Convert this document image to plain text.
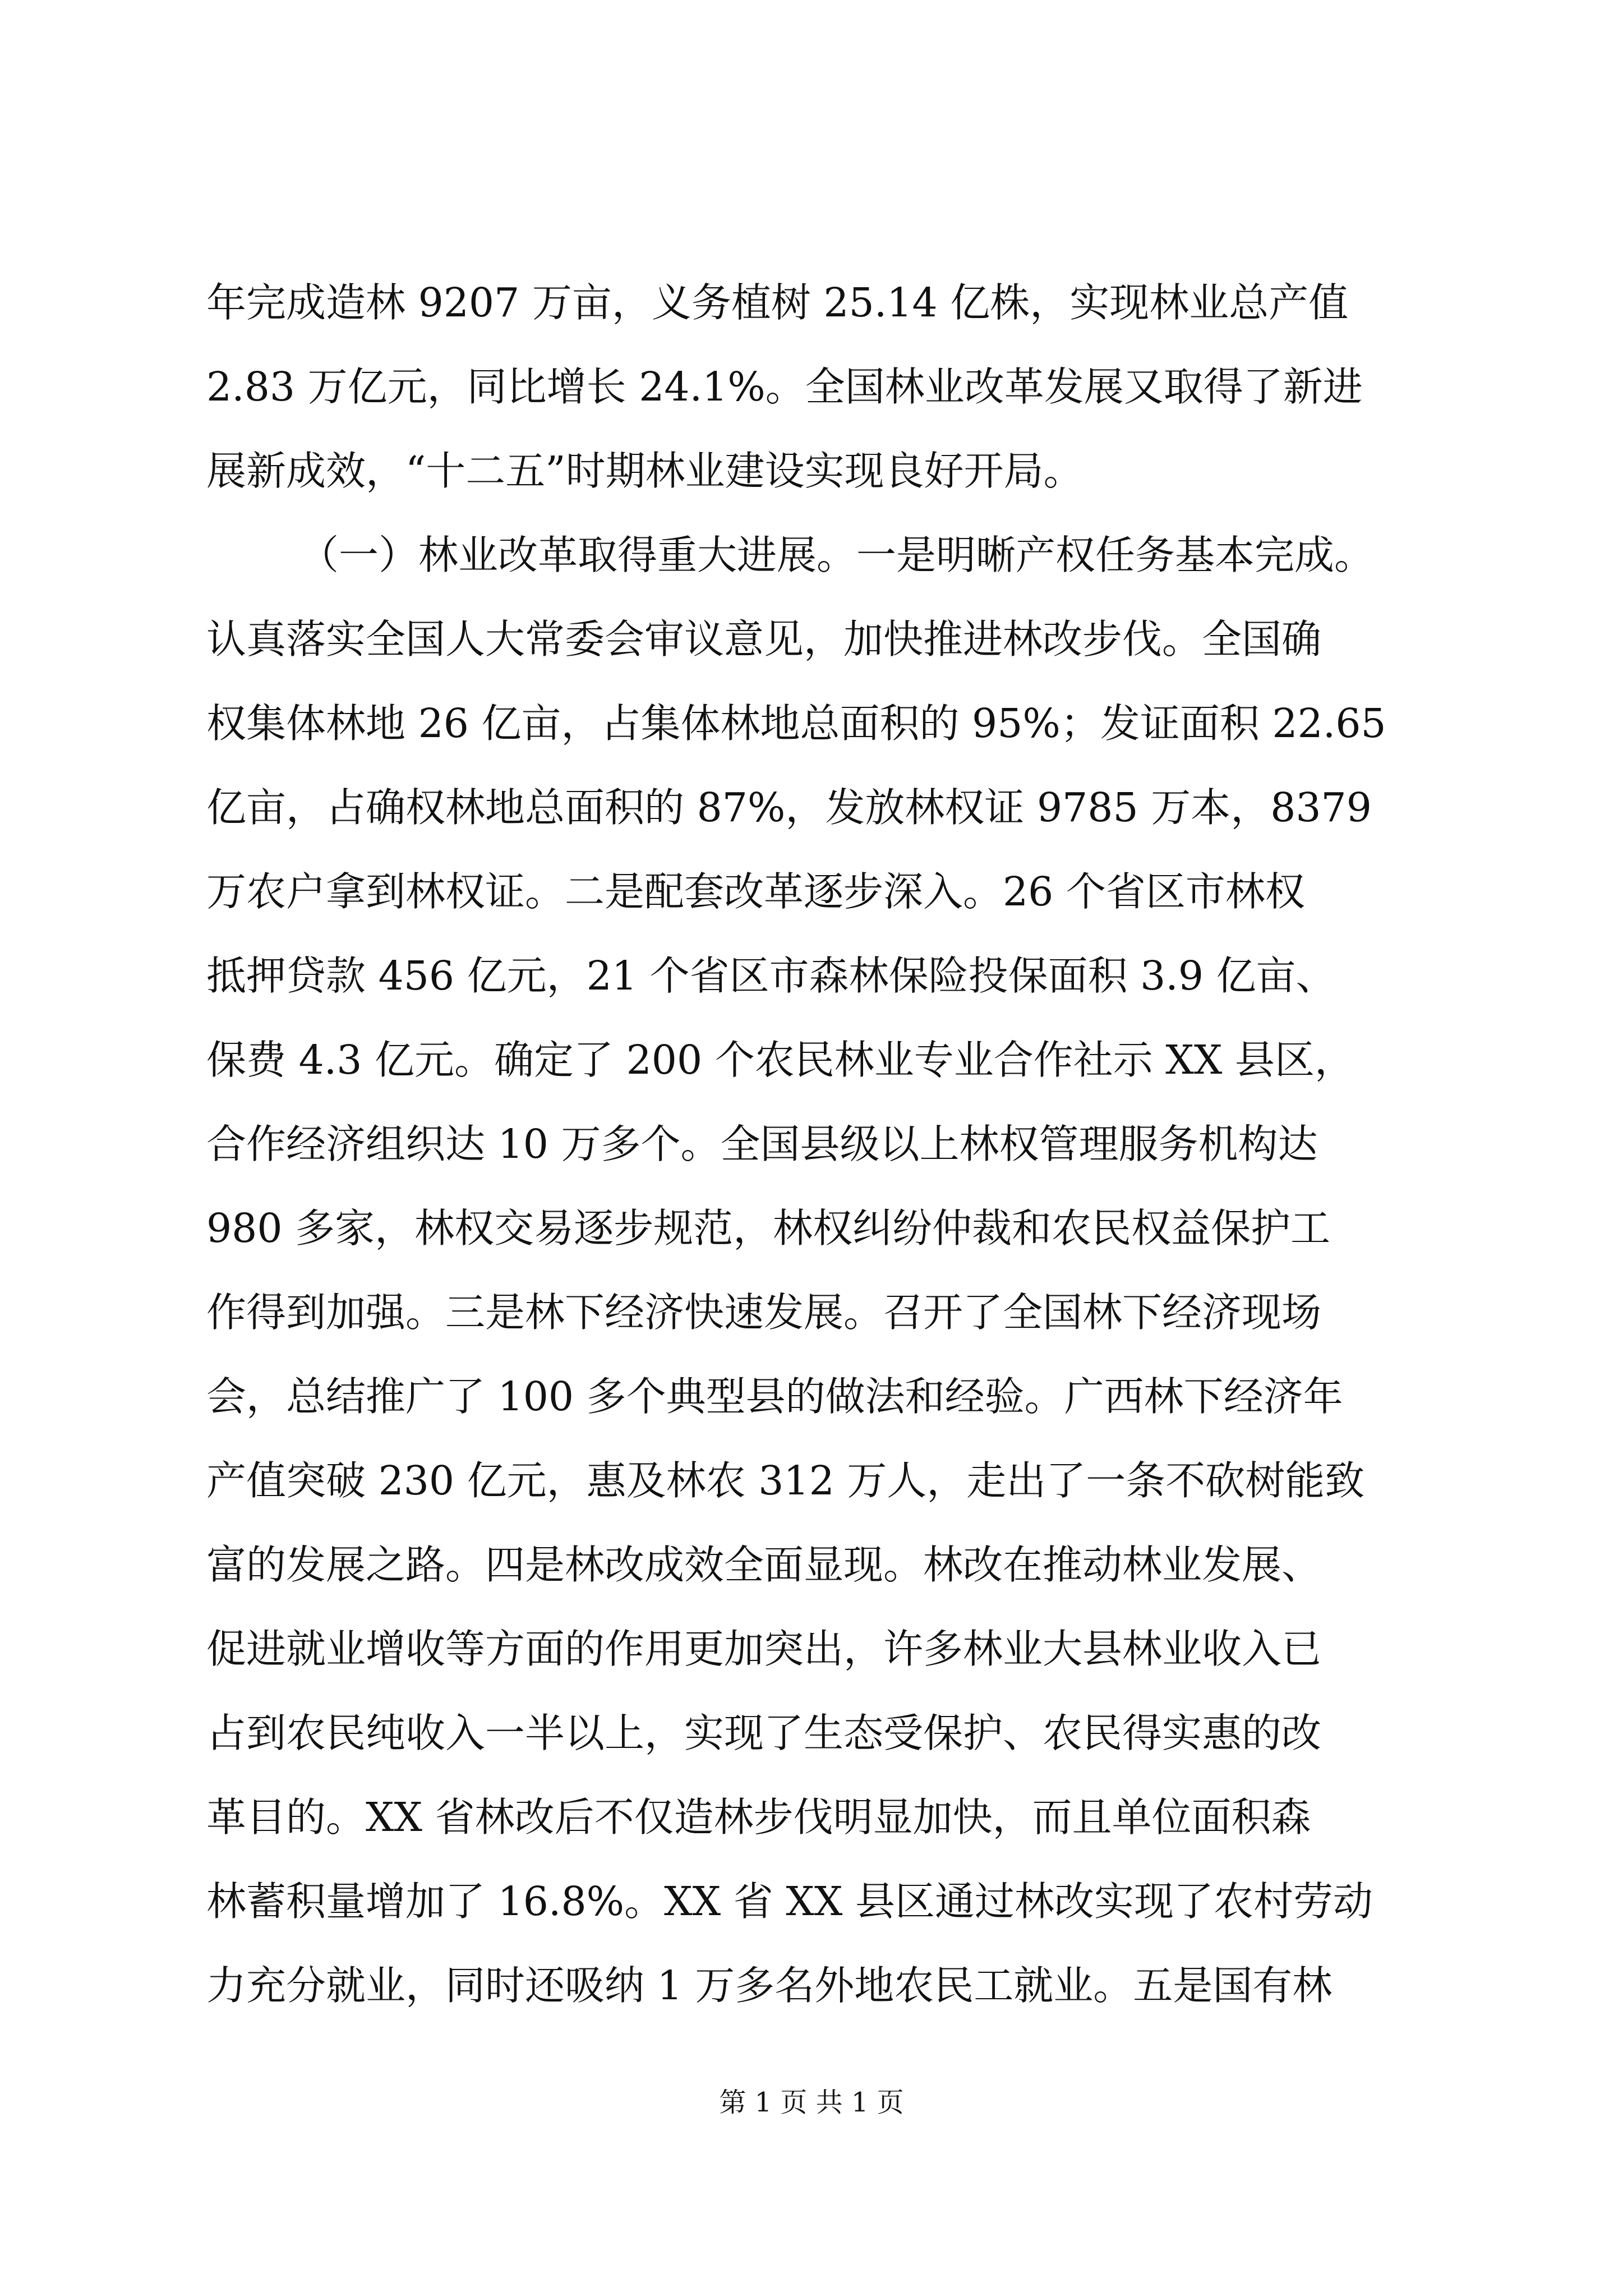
年完成造林 9207 万亩，义务植树 25.14 亿株，实现林业总产值
2.83 万亿元，同比增长 24.1%。全国林业改革发展又取得了新进
展新成效，“十二五”时期林业建设实现良好开局。
（一）林业改革取得重大进展。一是明晰产权任务基本完成。
认真落实全国人大常委会审议意见，加快推进林改步伐。全国确
权集体林地 26 亿亩，占集体林地总面积的 95%；发证面积 22.65
亿亩，占确权林地总面积的 87%，发放林权证 9785 万本，8379
万农户拿到林权证。二是配套改革逐步深入。26 个省区市林权
抵押贷款 456 亿元，21 个省区市森林保险投保面积 3.9 亿亩、
保费 4.3 亿元。确定了 200 个农民林业专业合作社示 XX 县区，
合作经济组织达 10 万多个。全国县级以上林权管理服务机构达
980 多家，林权交易逐步规范，林权纠纷仲裁和农民权益保护工
作得到加强。三是林下经济快速发展。召开了全国林下经济现场
会，总结推广了 100 多个典型县的做法和经验。广西林下经济年
产值突破 230 亿元，惠及林农 312 万人，走出了一条不砍树能致
富的发展之路。四是林改成效全面显现。林改在推动林业发展、
促进就业增收等方面的作用更加突出，许多林业大县林业收入已
占到农民纯收入一半以上，实现了生态受保护、农民得实惠的改
革目的。XX 省林改后不仅造林步伐明显加快，而且单位面积森
林蓄积量增加了 16.8%。XX 省 XX 县区通过林改实现了农村劳动
力充分就业，同时还吸纳 1 万多名外地农民工就业。五是国有林
第 1 页 共 1 页
